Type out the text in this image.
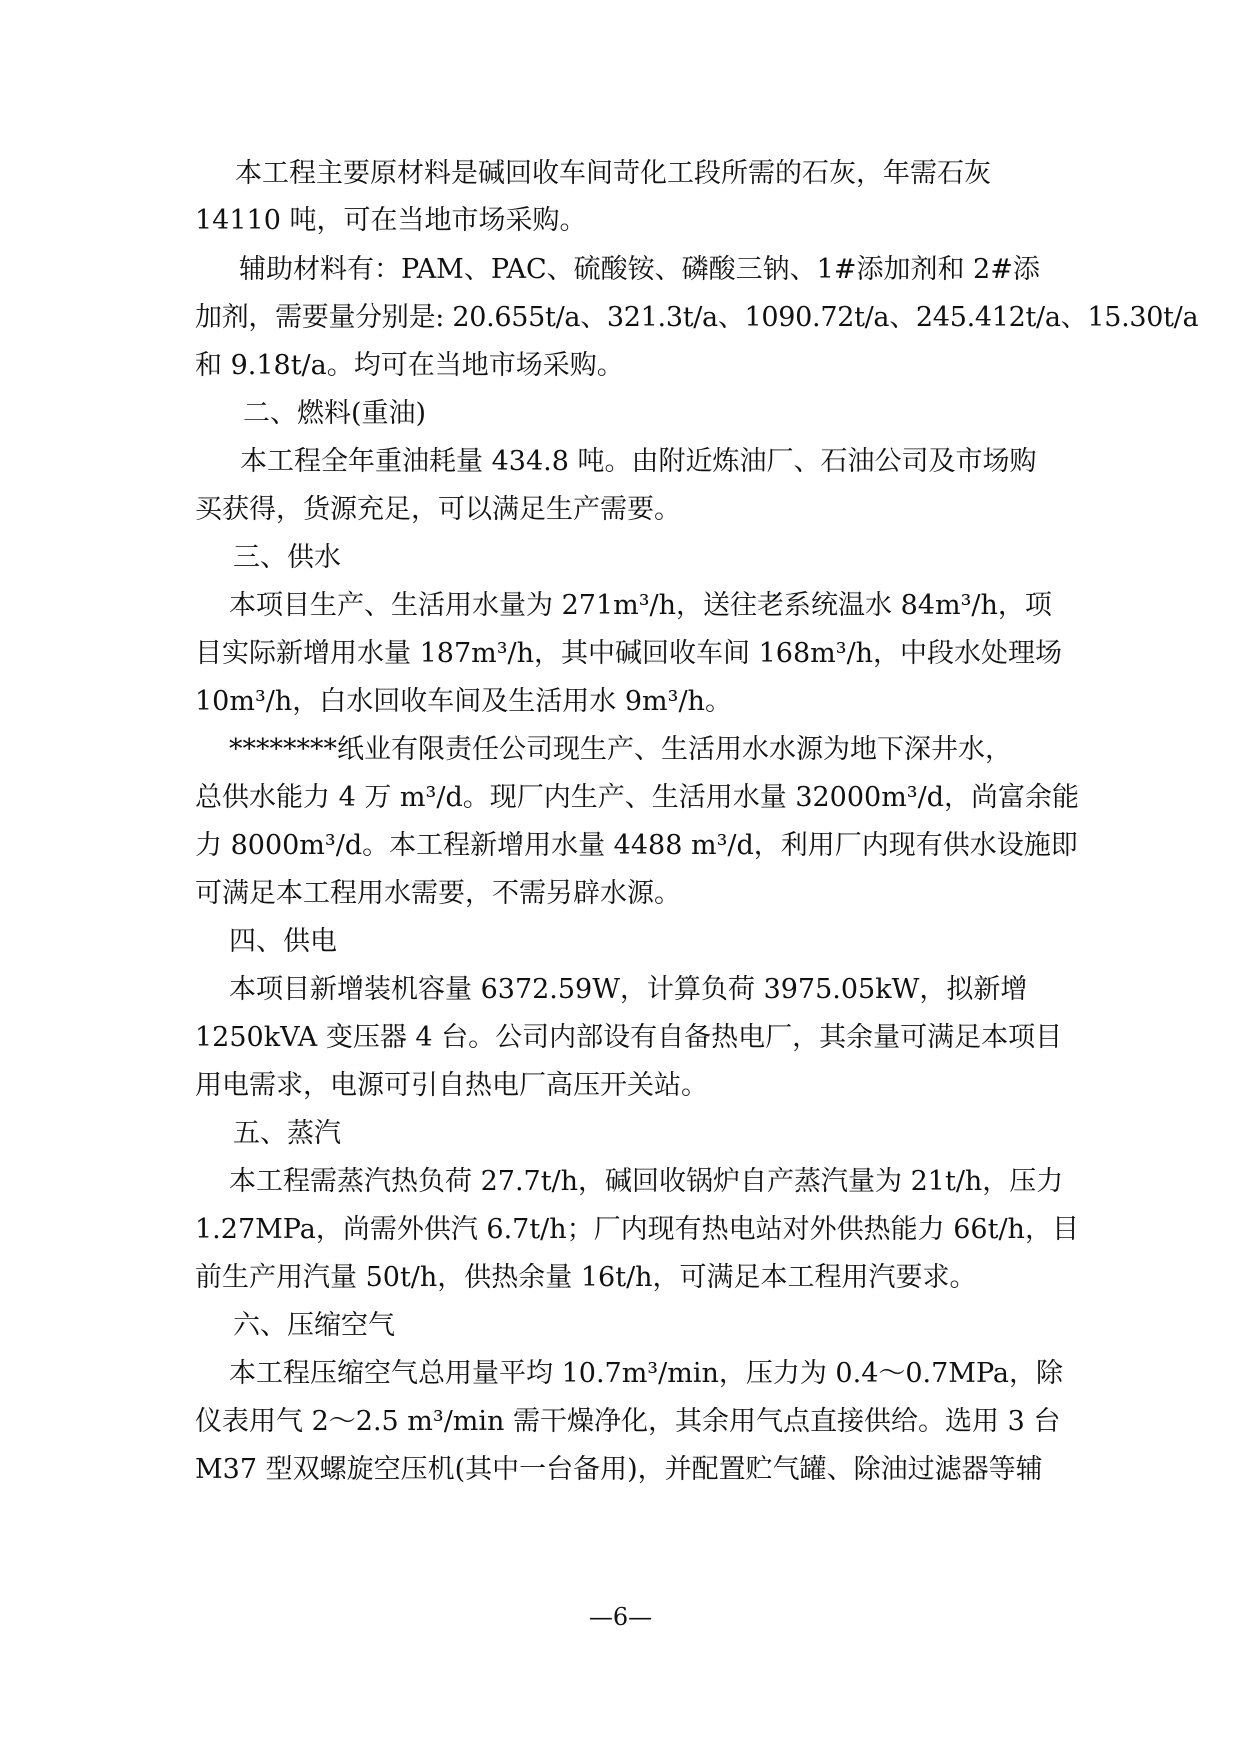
本工程主要原材料是碱回收车间苛化工段所需的石灰，年需石灰
14110 吨，可在当地市场采购。
辅助材料有：PAM、PAC、硫酸铵、磷酸三钠、1#添加剂和 2#添
加剂，需要量分别是: 20.655t/a、321.3t/a、1090.72t/a、245.412t/a、15.30t/a
和 9.18t/a。均可在当地市场采购。
二、燃料(重油)
本工程全年重油耗量 434.8 吨。由附近炼油厂、石油公司及市场购
买获得，货源充足，可以满足生产需要。
三、供水
本项目生产、生活用水量为 271m³/h，送往老系统温水 84m³/h，项
目实际新增用水量 187m³/h，其中碱回收车间 168m³/h，中段水处理场
10m³/h，白水回收车间及生活用水 9m³/h。
********纸业有限责任公司现生产、生活用水水源为地下深井水，
总供水能力 4 万 m³/d。现厂内生产、生活用水量 32000m³/d，尚富余能
力 8000m³/d。本工程新增用水量 4488 m³/d，利用厂内现有供水设施即
可满足本工程用水需要，不需另辟水源。
四、供电
本项目新增装机容量 6372.59W，计算负荷 3975.05kW，拟新增
1250kVA 变压器 4 台。公司内部设有自备热电厂，其余量可满足本项目
用电需求，电源可引自热电厂高压开关站。
五、蒸汽
本工程需蒸汽热负荷 27.7t/h，碱回收锅炉自产蒸汽量为 21t/h，压力
1.27MPa，尚需外供汽 6.7t/h；厂内现有热电站对外供热能力 66t/h，目
前生产用汽量 50t/h，供热余量 16t/h，可满足本工程用汽要求。
六、压缩空气
本工程压缩空气总用量平均 10.7m³/min，压力为 0.4～0.7MPa，除
仪表用气 2～2.5 m³/min 需干燥净化，其余用气点直接供给。选用 3 台
M37 型双螺旋空压机(其中一台备用)，并配置贮气罐、除油过滤器等辅
—6—
